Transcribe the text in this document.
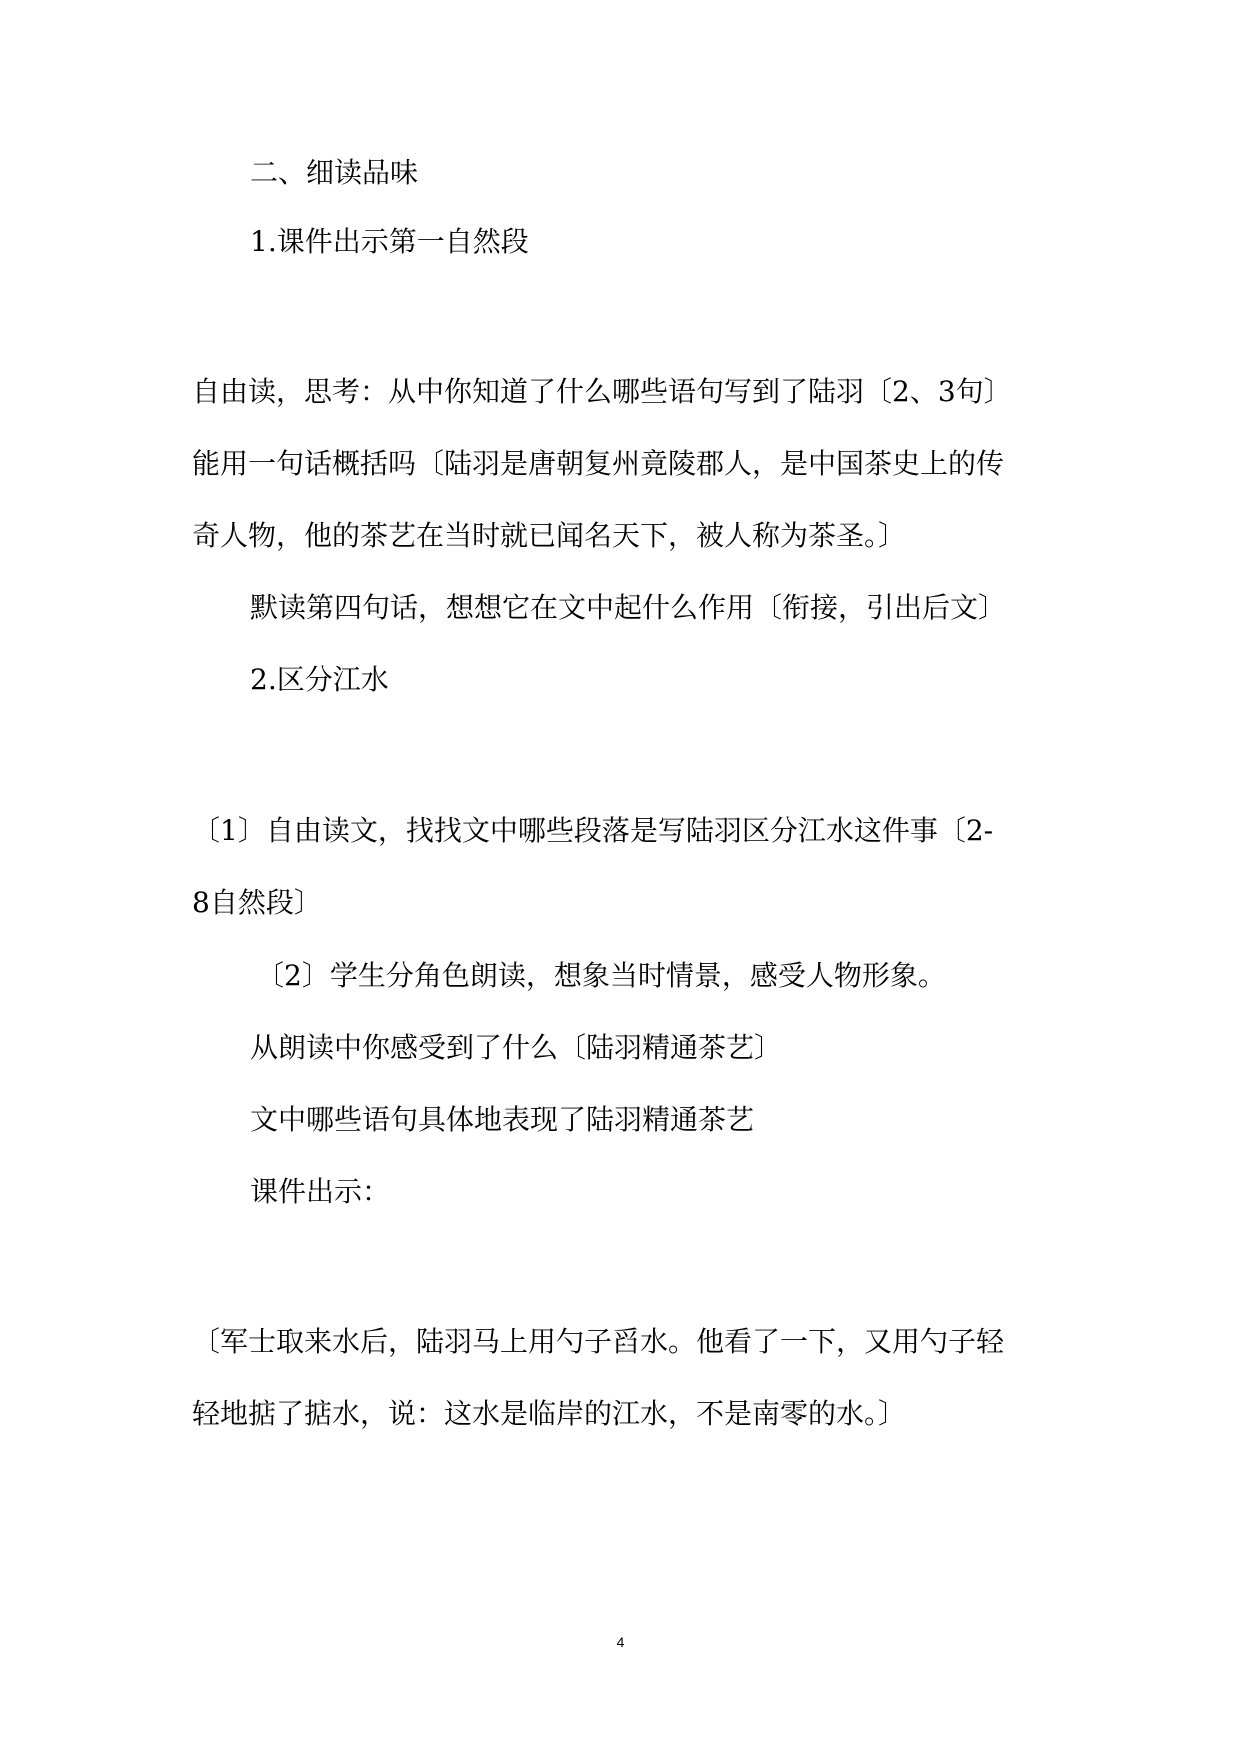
二、细读品味

1.课件出示第一自然段

自由读，思考：从中你知道了什么哪些语句写到了陆羽〔2、3句〕

能用一句话概括吗〔陆羽是唐朝复州竟陵郡人，是中国茶史上的传

奇人物，他的茶艺在当时就已闻名天下，被人称为茶圣。〕

默读第四句话，想想它在文中起什么作用〔衔接，引出后文〕

2.区分江水

〔1〕自由读文，找找文中哪些段落是写陆羽区分江水这件事〔2-

8自然段〕

〔2〕学生分角色朗读，想象当时情景，感受人物形象。

从朗读中你感受到了什么〔陆羽精通茶艺〕

文中哪些语句具体地表现了陆羽精通茶艺

课件出示：

〔军士取来水后，陆羽马上用勺子舀水。他看了一下，又用勺子轻

轻地掂了掂水，说：这水是临岸的江水，不是南零的水。〕

4
